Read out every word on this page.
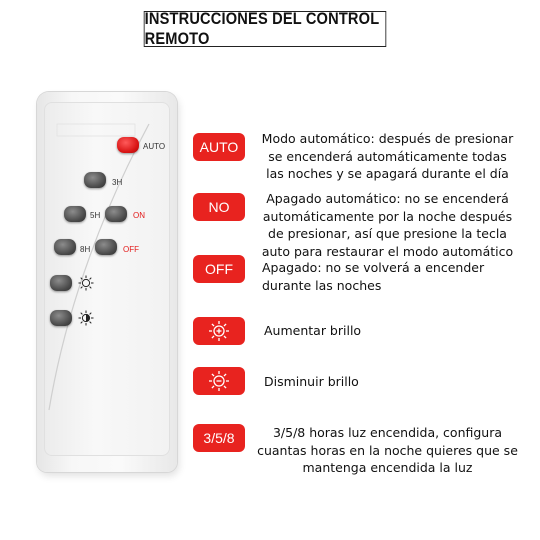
INSTRUCCIONES DEL CONTROL REMOTO
AUTO
3H
5H	ON
8H	OFF
AUTO
Modo automático: después de presionar
se encenderá automáticamente todas
las noches y se apagará durante el día
NO
Apagado automático: no se encenderá
automáticamente por la noche después
de presionar, así que presione la tecla
auto para restaurar el modo automático
OFF	Apagado: no se volverá a encender
durante las noches
Aumentar brillo
Disminuir brillo
3/5/8	3/5/8 horas luz encendida, configura
cuantas horas en la noche quieres que se
mantenga encendida la luz
